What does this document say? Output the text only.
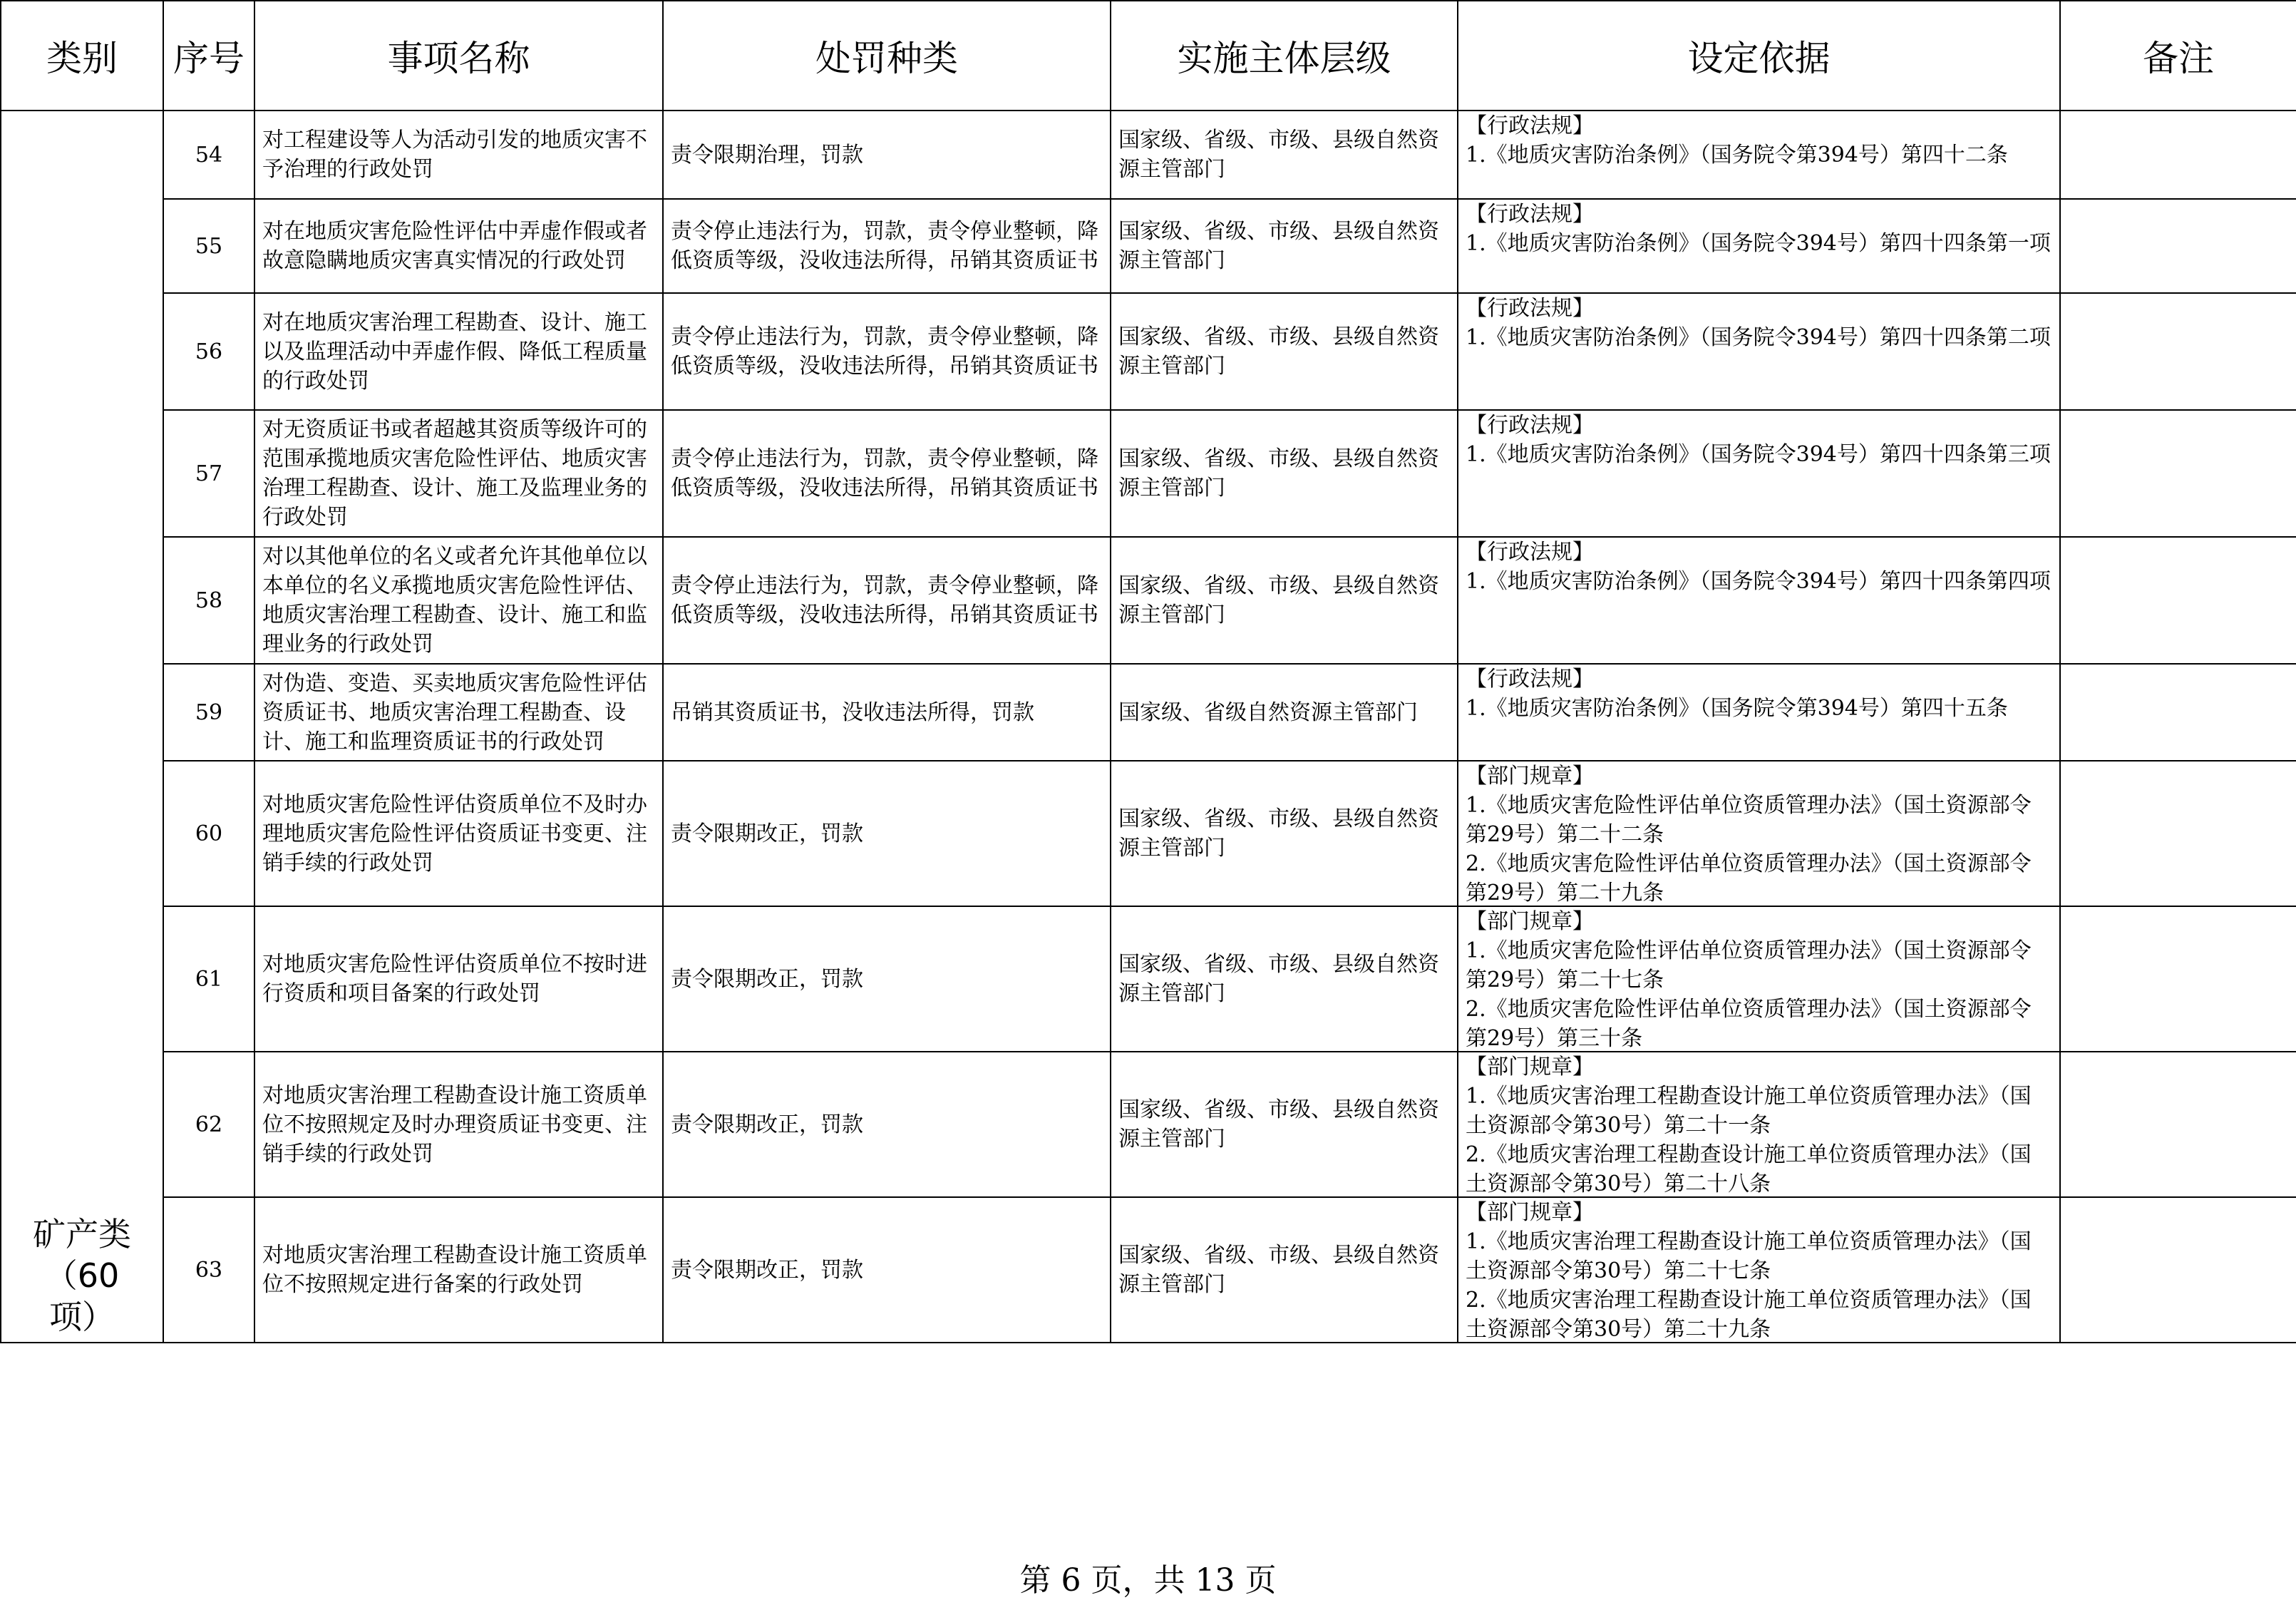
类别	序号	事项名称	处罚种类	实施主体层级	设定依据	备注

矿产类
（60
项）	54	对工程建设等人为活动引发的地质灾害不予治理的行政处罚	责令限期治理，罚款	国家级、省级、市级、县级自然资源主管部门	【行政法规】
1.《地质灾害防治条例》（国务院令第394号）第四十二条	

	55	对在地质灾害危险性评估中弄虚作假或者故意隐瞒地质灾害真实情况的行政处罚	责令停止违法行为，罚款，责令停业整顿，降低资质等级，没收违法所得，吊销其资质证书	国家级、省级、市级、县级自然资源主管部门	【行政法规】
1.《地质灾害防治条例》（国务院令394号）第四十四条第一项	

	56	对在地质灾害治理工程勘查、设计、施工以及监理活动中弄虚作假、降低工程质量的行政处罚	责令停止违法行为，罚款，责令停业整顿，降低资质等级，没收违法所得，吊销其资质证书	国家级、省级、市级、县级自然资源主管部门	【行政法规】
1.《地质灾害防治条例》（国务院令394号）第四十四条第二项	

	57	对无资质证书或者超越其资质等级许可的范围承揽地质灾害危险性评估、地质灾害治理工程勘查、设计、施工及监理业务的行政处罚	责令停止违法行为，罚款，责令停业整顿，降低资质等级，没收违法所得，吊销其资质证书	国家级、省级、市级、县级自然资源主管部门	【行政法规】
1.《地质灾害防治条例》（国务院令394号）第四十四条第三项	

	58	对以其他单位的名义或者允许其他单位以本单位的名义承揽地质灾害危险性评估、地质灾害治理工程勘查、设计、施工和监理业务的行政处罚	责令停止违法行为，罚款，责令停业整顿，降低资质等级，没收违法所得，吊销其资质证书	国家级、省级、市级、县级自然资源主管部门	【行政法规】
1.《地质灾害防治条例》（国务院令394号）第四十四条第四项	

	59	对伪造、变造、买卖地质灾害危险性评估资质证书、地质灾害治理工程勘查、设计、施工和监理资质证书的行政处罚	吊销其资质证书，没收违法所得，罚款	国家级、省级自然资源主管部门	【行政法规】
1.《地质灾害防治条例》（国务院令第394号）第四十五条	

	60	对地质灾害危险性评估资质单位不及时办理地质灾害危险性评估资质证书变更、注销手续的行政处罚	责令限期改正，罚款	国家级、省级、市级、县级自然资源主管部门	【部门规章】
1.《地质灾害危险性评估单位资质管理办法》（国土资源部令第29号）第二十二条
2.《地质灾害危险性评估单位资质管理办法》（国土资源部令第29号）第二十九条	

	61	对地质灾害危险性评估资质单位不按时进行资质和项目备案的行政处罚	责令限期改正，罚款	国家级、省级、市级、县级自然资源主管部门	【部门规章】
1.《地质灾害危险性评估单位资质管理办法》（国土资源部令第29号）第二十七条
2.《地质灾害危险性评估单位资质管理办法》（国土资源部令第29号）第三十条	

	62	对地质灾害治理工程勘查设计施工资质单位不按照规定及时办理资质证书变更、注销手续的行政处罚	责令限期改正，罚款	国家级、省级、市级、县级自然资源主管部门	【部门规章】
1.《地质灾害治理工程勘查设计施工单位资质管理办法》（国土资源部令第30号）第二十一条
2.《地质灾害治理工程勘查设计施工单位资质管理办法》（国土资源部令第30号）第二十八条	

	63	对地质灾害治理工程勘查设计施工资质单位不按照规定进行备案的行政处罚	责令限期改正，罚款	国家级、省级、市级、县级自然资源主管部门	【部门规章】
1.《地质灾害治理工程勘查设计施工单位资质管理办法》（国土资源部令第30号）第二十七条
2.《地质灾害治理工程勘查设计施工单位资质管理办法》（国土资源部令第30号）第二十九条	

第 6 页，共 13 页
